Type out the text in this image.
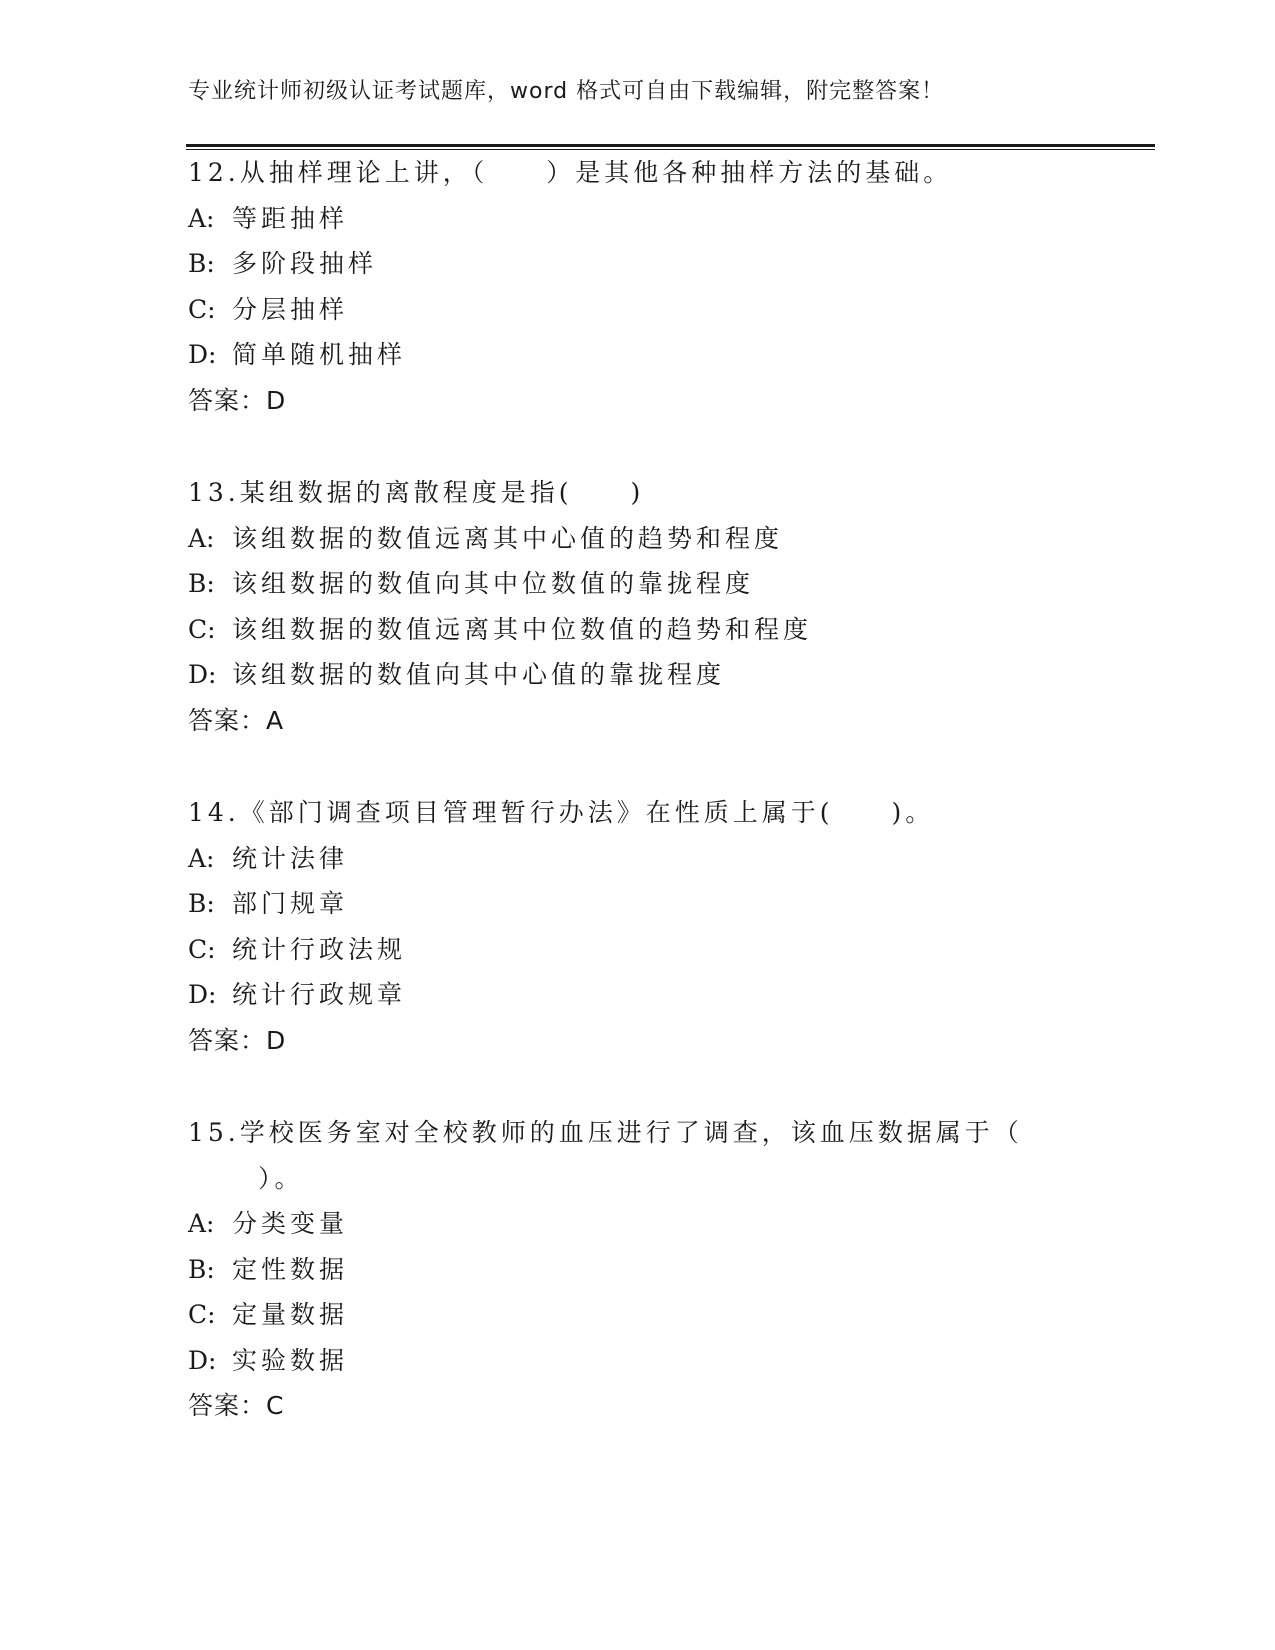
专业统计师初级认证考试题库，word 格式可自由下载编辑，附完整答案！
12.从抽样理论上讲，（　　）是其他各种抽样方法的基础。
A: 等距抽样
B: 多阶段抽样
C: 分层抽样
D: 简单随机抽样
答案：D
13.某组数据的离散程度是指(　　)
A: 该组数据的数值远离其中心值的趋势和程度
B: 该组数据的数值向其中位数值的靠拢程度
C: 该组数据的数值远离其中位数值的趋势和程度
D: 该组数据的数值向其中心值的靠拢程度
答案：A
14.《部门调查项目管理暂行办法》在性质上属于(　　)。
A: 统计法律
B: 部门规章
C: 统计行政法规
D: 统计行政规章
答案：D
15.学校医务室对全校教师的血压进行了调查，该血压数据属于（
）。
A: 分类变量
B: 定性数据
C: 定量数据
D: 实验数据
答案：C
